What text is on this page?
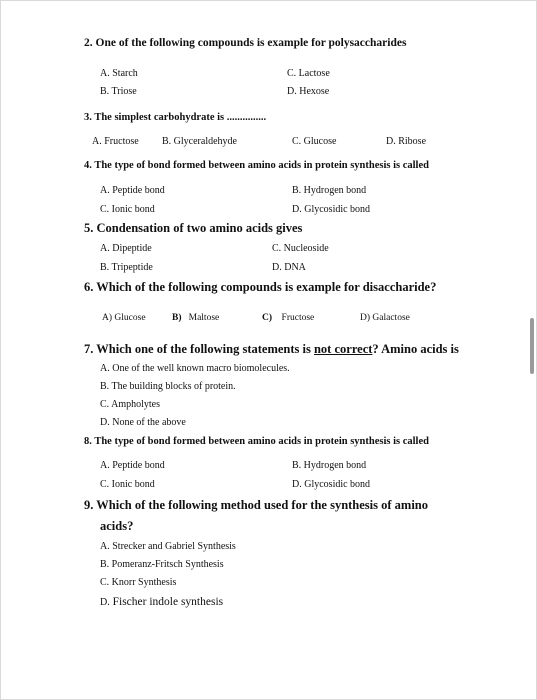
2. One of the following compounds is example for polysaccharides
A. Starch	C. Lactose
B. Triose	D. Hexose
3. The simplest carbohydrate is ...............
A. Fructose B. Glyceraldehyde	C. Glucose	D. Ribose
4. The type of bond formed between amino acids in protein synthesis is called
A. Peptide bond	B. Hydrogen bond
C. Ionic bond	D. Glycosidic bond
5. Condensation of two amino acids gives
A. Dipeptide	C. Nucleoside
B. Tripeptide	D. DNA
6. Which of the following compounds is example for disaccharide?
A) Glucose	B) Maltose	C) Fructose	D) Galactose
7. Which one of the following statements is not correct? Amino acids is
A. One of the well known macro biomolecules.
B. The building blocks of protein.
C. Ampholytes
D. None of the above
8. The type of bond formed between amino acids in protein synthesis is called
A. Peptide bond	B. Hydrogen bond
C. Ionic bond	D. Glycosidic bond
9. Which of the following method used for the synthesis of amino
acids?
A. Strecker and Gabriel Synthesis
B. Pomeranz-Fritsch Synthesis
C. Knorr Synthesis
D. Fischer indole synthesis
